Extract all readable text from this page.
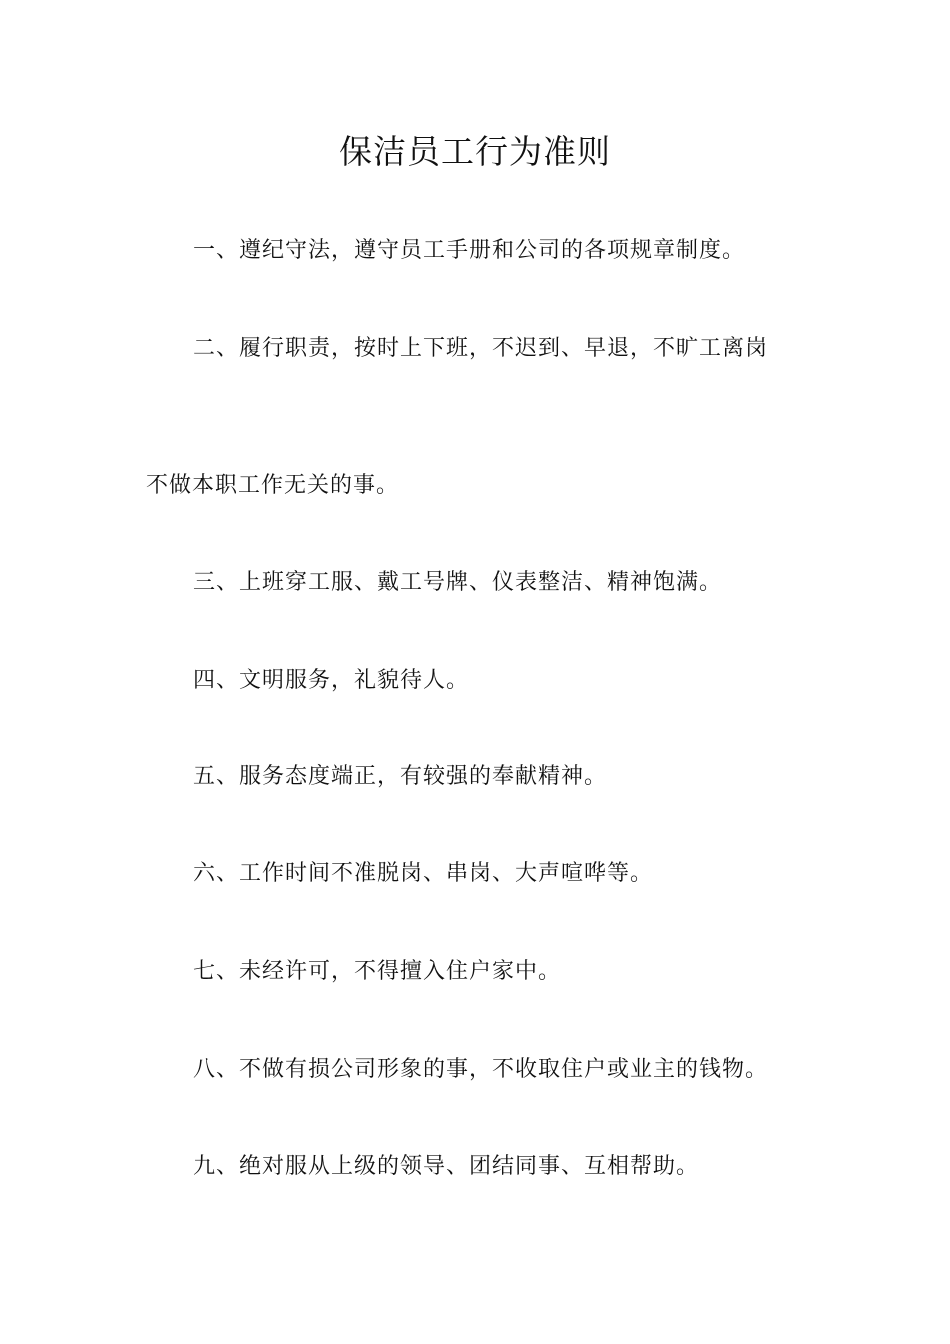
保洁员工行为准则
一、遵纪守法，遵守员工手册和公司的各项规章制度。
二、履行职责，按时上下班，不迟到、早退，不旷工离岗
不做本职工作无关的事。
三、上班穿工服、戴工号牌、仪表整洁、精神饱满。
四、文明服务，礼貌待人。
五、服务态度端正，有较强的奉献精神。
六、工作时间不准脱岗、串岗、大声喧哗等。
七、未经许可，不得擅入住户家中。
八、不做有损公司形象的事，不收取住户或业主的钱物。
九、绝对服从上级的领导、团结同事、互相帮助。
